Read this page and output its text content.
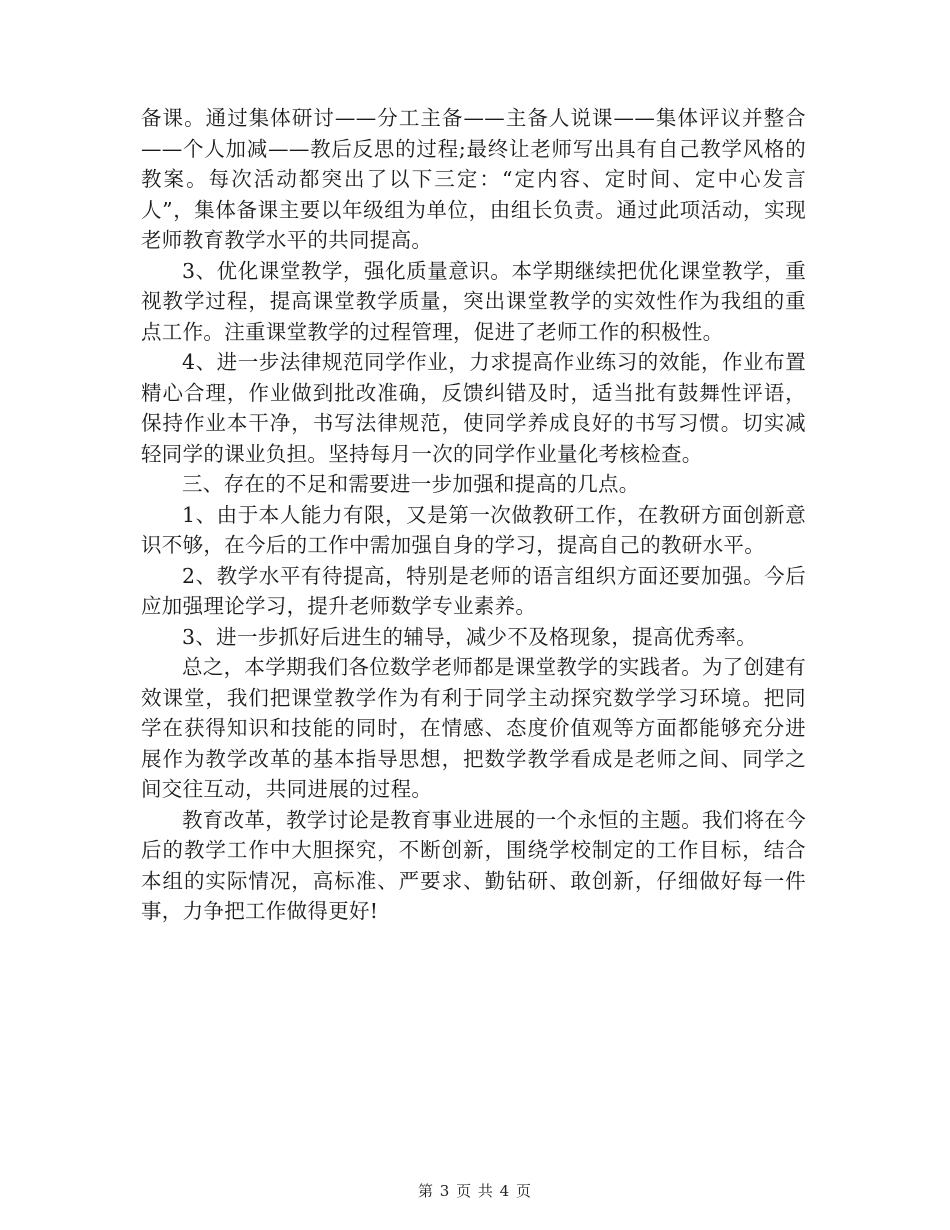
备课。通过集体研讨——分工主备——主备人说课——集体评议并整合——个人加减——教后反思的过程;最终让老师写出具有自己教学风格的教案。每次活动都突出了以下三定：“定内容、定时间、定中心发言人”，集体备课主要以年级组为单位，由组长负责。通过此项活动，实现老师教育教学水平的共同提高。

3、优化课堂教学，强化质量意识。本学期继续把优化课堂教学，重视教学过程，提高课堂教学质量，突出课堂教学的实效性作为我组的重点工作。注重课堂教学的过程管理，促进了老师工作的积极性。

4、进一步法律规范同学作业，力求提高作业练习的效能，作业布置精心合理，作业做到批改准确，反馈纠错及时，适当批有鼓舞性评语，保持作业本干净，书写法律规范，使同学养成良好的书写习惯。切实减轻同学的课业负担。坚持每月一次的同学作业量化考核检查。

三、存在的不足和需要进一步加强和提高的几点。

1、由于本人能力有限，又是第一次做教研工作，在教研方面创新意识不够，在今后的工作中需加强自身的学习，提高自己的教研水平。

2、教学水平有待提高，特别是老师的语言组织方面还要加强。今后应加强理论学习，提升老师数学专业素养。

3、进一步抓好后进生的辅导，减少不及格现象，提高优秀率。

总之，本学期我们各位数学老师都是课堂教学的实践者。为了创建有效课堂，我们把课堂教学作为有利于同学主动探究数学学习环境。把同学在获得知识和技能的同时，在情感、态度价值观等方面都能够充分进展作为教学改革的基本指导思想，把数学教学看成是老师之间、同学之间交往互动，共同进展的过程。

教育改革，教学讨论是教育事业进展的一个永恒的主题。我们将在今后的教学工作中大胆探究，不断创新，围绕学校制定的工作目标，结合本组的实际情况，高标准、严要求、勤钻研、敢创新，仔细做好每一件事，力争把工作做得更好!

第 3 页 共 4 页
